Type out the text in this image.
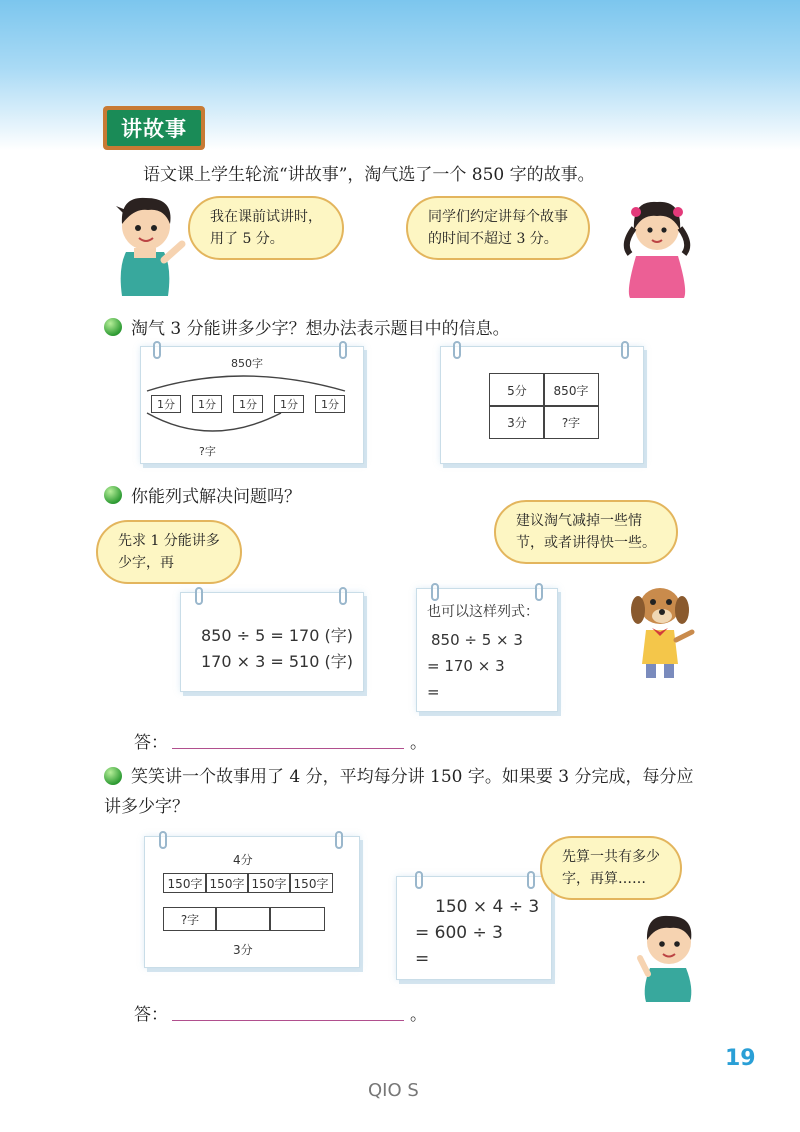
讲故事
语文课上学生轮流“讲故事”，淘气选了一个 850 字的故事。
我在课前试讲时，
用了 5 分。
同学们约定讲每个故事
的时间不超过 3 分。
淘气 3 分能讲多少字？想办法表示题目中的信息。
850字
1分	1分	1分	1分	1分
?字
5分	850字
3分	?字
你能列式解决问题吗？
先求 1 分能讲多
少字，再
建议淘气减掉一些情
节，或者讲得快一些。
850 ÷ 5 = 170 (字)
170 × 3 = 510 (字)
也可以这样列式：
850 ÷ 5 × 3
= 170 × 3
=
答：	。
笑笑讲一个故事用了 4 分，平均每分讲 150 字。如果要 3 分完成，每分应讲多少字？
4分
150字 150字 150字 150字
?字
3分
150 × 4 ÷ 3
= 600 ÷ 3
=
先算一共有多少
字，再算……
答：	。
19
QIO S
